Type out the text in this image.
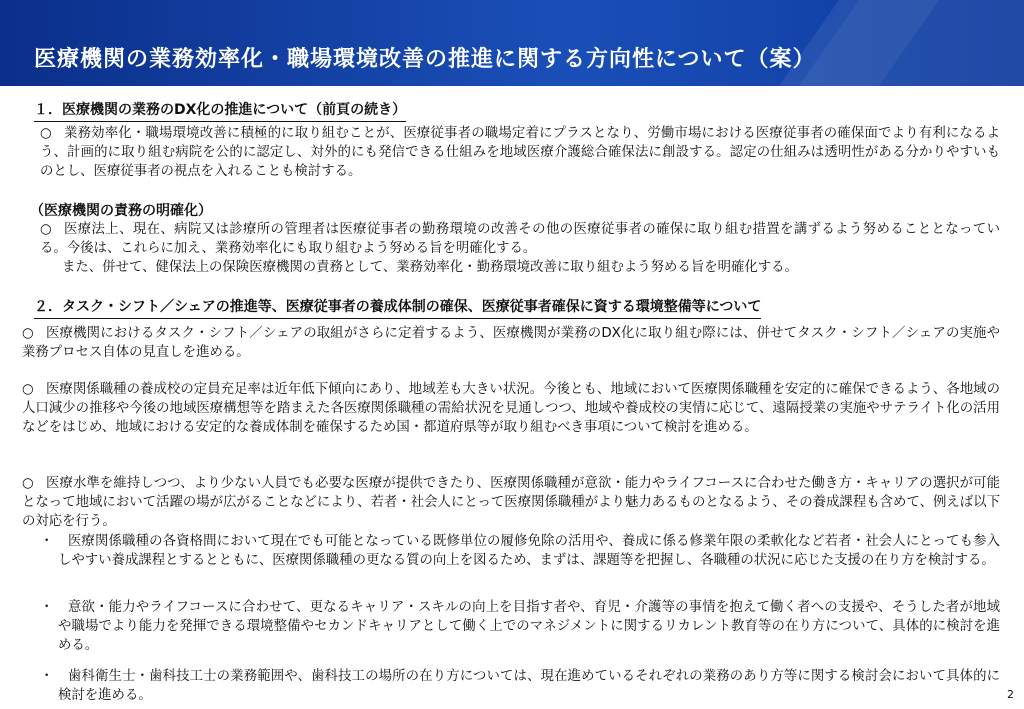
医療機関の業務効率化・職場環境改善の推進に関する方向性について（案）
１．医療機関の業務のDX化の推進について（前頁の続き）
○ 業務効率化・職場環境改善に積極的に取り組むことが、医療従事者の職場定着にプラスとなり、労働市場における医療従事者の確保面でより有利になるよう、計画的に取り組む病院を公的に認定し、対外的にも発信できる仕組みを地域医療介護総合確保法に創設する。認定の仕組みは透明性がある分かりやすいものとし、医療従事者の視点を入れることも検討する。
（医療機関の責務の明確化）
○ 医療法上、現在、病院又は診療所の管理者は医療従事者の勤務環境の改善その他の医療従事者の確保に取り組む措置を講ずるよう努めることとなっている。今後は、これらに加え、業務効率化にも取り組むよう努める旨を明確化する。
また、併せて、健保法上の保険医療機関の責務として、業務効率化・勤務環境改善に取り組むよう努める旨を明確化する。
２．タスク・シフト／シェアの推進等、医療従事者の養成体制の確保、医療従事者確保に資する環境整備等について
○ 医療機関におけるタスク・シフト／シェアの取組がさらに定着するよう、医療機関が業務のDX化に取り組む際には、併せてタスク・シフト／シェアの実施や業務プロセス自体の見直しを進める。
○ 医療関係職種の養成校の定員充足率は近年低下傾向にあり、地域差も大きい状況。今後とも、地域において医療関係職種を安定的に確保できるよう、各地域の人口減少の推移や今後の地域医療構想等を踏まえた各医療関係職種の需給状況を見通しつつ、地域や養成校の実情に応じて、遠隔授業の実施やサテライト化の活用などをはじめ、地域における安定的な養成体制を確保するため国・都道府県等が取り組むべき事項について検討を進める。
○ 医療水準を維持しつつ、より少ない人員でも必要な医療が提供できたり、医療関係職種が意欲・能力やライフコースに合わせた働き方・キャリアの選択が可能となって地域において活躍の場が広がることなどにより、若者・社会人にとって医療関係職種がより魅力あるものとなるよう、その養成課程も含めて、例えば以下の対応を行う。
・	医療関係職種の各資格間において現在でも可能となっている既修単位の履修免除の活用や、養成に係る修業年限の柔軟化など若者・社会人にとっても参入しやすい養成課程とするとともに、医療関係職種の更なる質の向上を図るため、まずは、課題等を把握し、各職種の状況に応じた支援の在り方を検討する。
・	意欲・能力やライフコースに合わせて、更なるキャリア・スキルの向上を目指す者や、育児・介護等の事情を抱えて働く者への支援や、そうした者が地域や職場でより能力を発揮できる環境整備やセカンドキャリアとして働く上でのマネジメントに関するリカレント教育等の在り方について、具体的に検討を進める。
・	歯科衛生士・歯科技工士の業務範囲や、歯科技工の場所の在り方については、現在進めているそれぞれの業務のあり方等に関する検討会において具体的に検討を進める。	2
